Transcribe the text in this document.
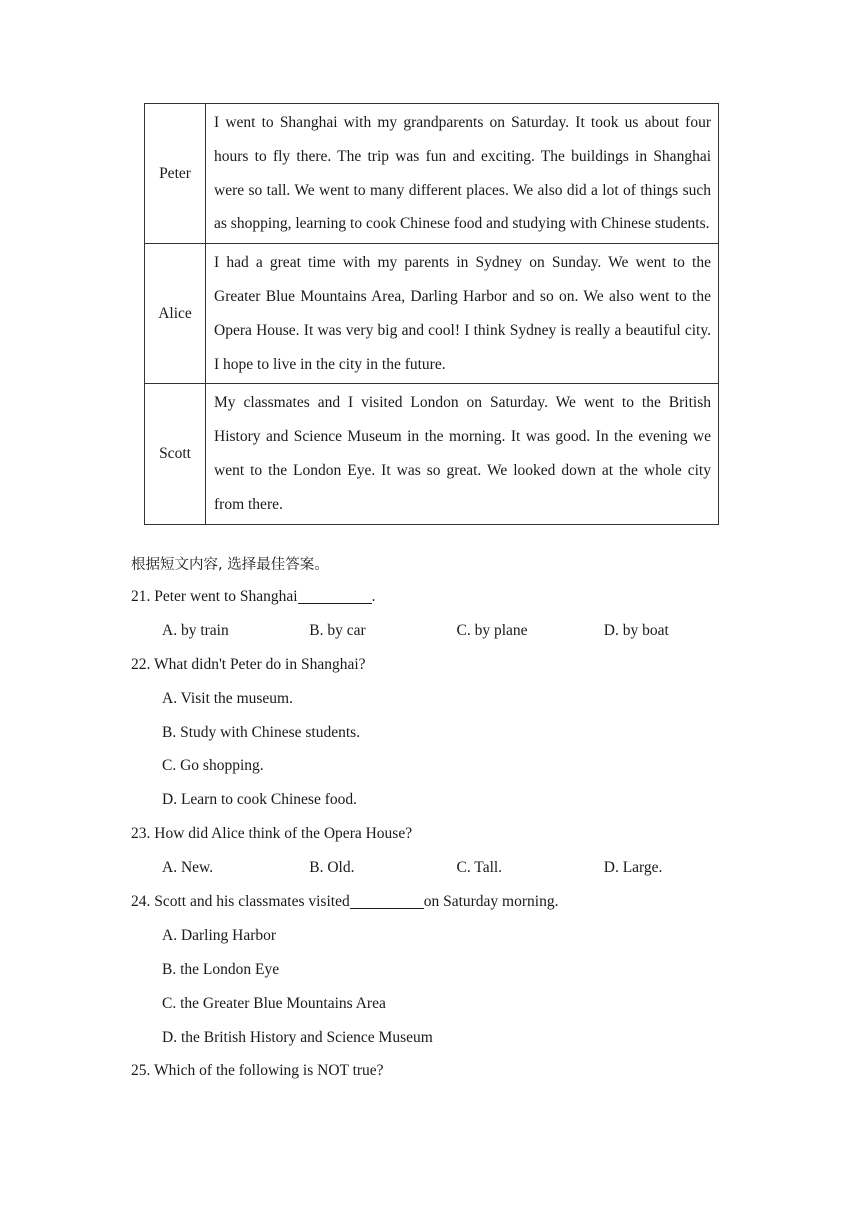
Peter	I went to Shanghai with my grandparents on Saturday. It took us about four hours to fly there. The trip was fun and exciting. The buildings in Shanghai were so tall. We went to many different places. We also did a lot of things such as shopping, learning to cook Chinese food and studying with Chinese students.
Alice	I had a great time with my parents in Sydney on Sunday. We went to the Greater Blue Mountains Area, Darling Harbor and so on. We also went to the Opera House. It was very big and cool! I think Sydney is really a beautiful city. I hope to live in the city in the future.
Scott	My classmates and I visited London on Saturday. We went to the British History and Science Museum in the morning. It was good. In the evening we went to the London Eye. It was so great. We looked down at the whole city from there.
根据短文内容, 选择最佳答案。
21. Peter went to Shanghai	.
A. by train	B. by car	C. by plane	D. by boat
22. What didn't Peter do in Shanghai?
A. Visit the museum.
B. Study with Chinese students.
C. Go shopping.
D. Learn to cook Chinese food.
23. How did Alice think of the Opera House?
A. New.	B. Old.	C. Tall.	D. Large.
24. Scott and his classmates visited	on Saturday morning.
A. Darling Harbor
B. the London Eye
C. the Greater Blue Mountains Area
D. the British History and Science Museum
25. Which of the following is NOT true?
